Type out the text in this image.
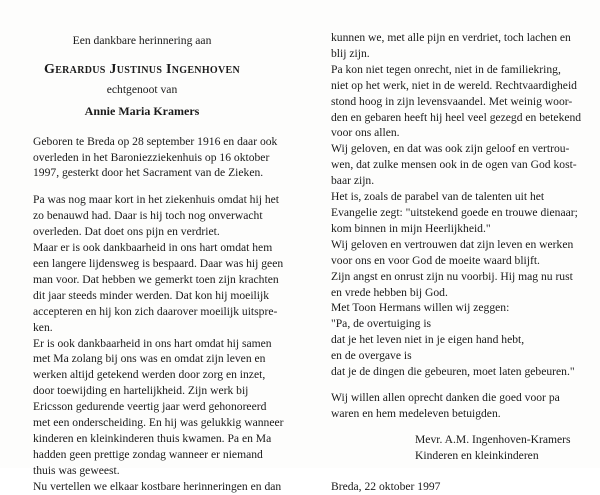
Een dankbare herinnering aan
Gerardus Justinus Ingenhoven
echtgenoot van
Annie Maria Kramers
Geboren te Breda op 28 september 1916 en daar ook
overleden in het Baroniezziekenhuis op 16 oktober
1997, gesterkt door het Sacrament van de Zieken.
Pa was nog maar kort in het ziekenhuis omdat hij het
zo benauwd had. Daar is hij toch nog onverwacht
overleden. Dat doet ons pijn en verdriet.
Maar er is ook dankbaarheid in ons hart omdat hem
een langere lijdensweg is bespaard. Daar was hij geen
man voor. Dat hebben we gemerkt toen zijn krachten
dit jaar steeds minder werden. Dat kon hij moeilijk
accepteren en hij kon zich daarover moeilijk uitspre-
ken.
Er is ook dankbaarheid in ons hart omdat hij samen
met Ma zolang bij ons was en omdat zijn leven en
werken altijd getekend werden door zorg en inzet,
door toewijding en hartelijkheid. Zijn werk bij
Ericsson gedurende veertig jaar werd gehonoreerd
met een onderscheiding. En hij was gelukkig wanneer
kinderen en kleinkinderen thuis kwamen. Pa en Ma
hadden geen prettige zondag wanneer er niemand
thuis was geweest.
Nu vertellen we elkaar kostbare herinneringen en dan
kunnen we, met alle pijn en verdriet, toch lachen en
blij zijn.
Pa kon niet tegen onrecht, niet in de familiekring,
niet op het werk, niet in de wereld. Rechtvaardigheid
stond hoog in zijn levensvaandel. Met weinig woor-
den en gebaren heeft hij heel veel gezegd en betekend
voor ons allen.
Wij geloven, en dat was ook zijn geloof en vertrou-
wen, dat zulke mensen ook in de ogen van God kost-
baar zijn.
Het is, zoals de parabel van de talenten uit het
Evangelie zegt: "uitstekend goede en trouwe dienaar;
kom binnen in mijn Heerlijkheid."
Wij geloven en vertrouwen dat zijn leven en werken
voor ons en voor God de moeite waard blijft.
Zijn angst en onrust zijn nu voorbij. Hij mag nu rust
en vrede hebben bij God.
Met Toon Hermans willen wij zeggen:
"Pa, de overtuiging is
dat je het leven niet in je eigen hand hebt,
en de overgave is
dat je de dingen die gebeuren, moet laten gebeuren."
Wij willen allen oprecht danken die goed voor pa
waren en hem medeleven betuigden.
Mevr. A.M. Ingenhoven-Kramers
Kinderen en kleinkinderen
Breda, 22 oktober 1997
